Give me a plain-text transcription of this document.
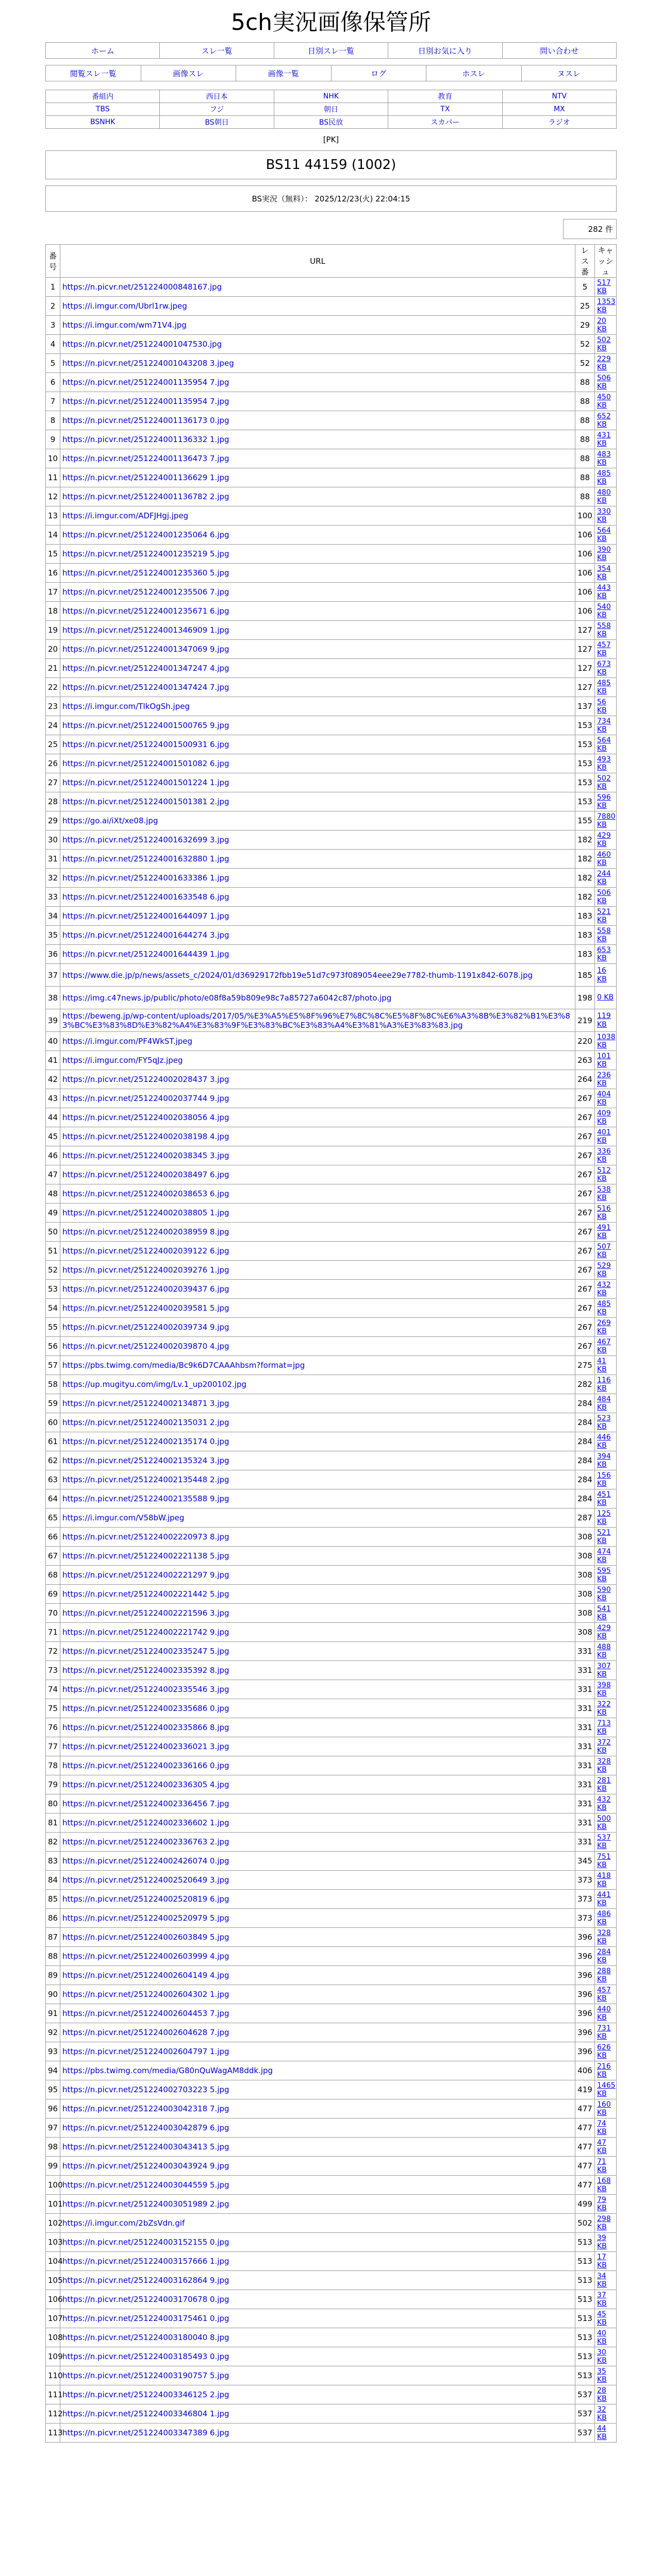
5ch実況画像保管所
ホーム	スレ一覧	日別スレ一覧	日別お気に入り	問い合わせ
閲覧スレ一覧	画像スレ	画像一覧	ログ	ホスレ	ヌスレ
番組内	西日本	NHK	教育	NTV
TBS	フジ	朝日	TX	MX
BSNHK	BS朝日	BS民放	スカパー	ラジオ
[PK]
BS11 44159 (1002)
BS実況（無料）： 2025/12/23(火) 22:04:15
282 件
番号	URL	レス番	キャッシュ
1	https://n.picvr.net/251224000848167.jpg	5	517 KB
2	https://i.imgur.com/Ubrl1rw.jpeg	25	1353 KB
3	https://i.imgur.com/wm71V4.jpg	29	20 KB
4	https://n.picvr.net/251224001047530.jpg	52	502 KB
5	https://n.picvr.net/251224001043208 3.jpeg	52	229 KB
6	https://n.picvr.net/251224001135954 7.jpg	88	506 KB
7	https://n.picvr.net/251224001135954 7.jpg	88	450 KB
8	https://n.picvr.net/251224001136173 0.jpg	88	652 KB
9	https://n.picvr.net/251224001136332 1.jpg	88	431 KB
10	https://n.picvr.net/251224001136473 7.jpg	88	483 KB
11	https://n.picvr.net/251224001136629 1.jpg	88	485 KB
12	https://n.picvr.net/251224001136782 2.jpg	88	480 KB
13	https://i.imgur.com/ADFJHgj.jpeg	100	330 KB
14	https://n.picvr.net/251224001235064 6.jpg	106	564 KB
15	https://n.picvr.net/251224001235219 5.jpg	106	390 KB
16	https://n.picvr.net/251224001235360 5.jpg	106	354 KB
17	https://n.picvr.net/251224001235506 7.jpg	106	443 KB
18	https://n.picvr.net/251224001235671 6.jpg	106	540 KB
19	https://n.picvr.net/251224001346909 1.jpg	127	558 KB
20	https://n.picvr.net/251224001347069 9.jpg	127	457 KB
21	https://n.picvr.net/251224001347247 4.jpg	127	673 KB
22	https://n.picvr.net/251224001347424 7.jpg	127	485 KB
23	https://i.imgur.com/TIkOgSh.jpeg	137	56 KB
24	https://n.picvr.net/251224001500765 9.jpg	153	734 KB
25	https://n.picvr.net/251224001500931 6.jpg	153	564 KB
26	https://n.picvr.net/251224001501082 6.jpg	153	493 KB
27	https://n.picvr.net/251224001501224 1.jpg	153	502 KB
28	https://n.picvr.net/251224001501381 2.jpg	153	596 KB
29	https://go.ai/iXt/xe08.jpg	155	7880 KB
30	https://n.picvr.net/251224001632699 3.jpg	182	429 KB
31	https://n.picvr.net/251224001632880 1.jpg	182	460 KB
32	https://n.picvr.net/251224001633386 1.jpg	182	244 KB
33	https://n.picvr.net/251224001633548 6.jpg	182	506 KB
34	https://n.picvr.net/251224001644097 1.jpg	183	521 KB
35	https://n.picvr.net/251224001644274 3.jpg	183	558 KB
36	https://n.picvr.net/251224001644439 1.jpg	183	653 KB
37	https://www.die.jp/p/news/assets_c/2024/01/d36929172fbb19e51d7c973f089054eee29e7782-thumb-1191x842-6078.jpg	185	16 KB
38	https://img.c47news.jp/public/photo/e08f8a59b809e98c7a85727a6042c87/photo.jpg	198	0 KB
39	https://beweng.jp/wp-content/uploads/2017/05/%E3%A5%E5%8F%96%E7%8C%8C%E5%8F%8C%E6%A3%8B%E3%82%B1%E3%83%BC%E3%83%8D%E3%82%A4%E3%83%9F%E3%83%BC%E3%83%A4%E3%81%A3%E3%83%83.jpg	219	119 KB
40	https://i.imgur.com/PF4WkST.jpeg	220	1038 KB
41	https://i.imgur.com/FY5qJz.jpeg	263	101 KB
42	https://n.picvr.net/251224002028437 3.jpg	264	236 KB
43	https://n.picvr.net/251224002037744 9.jpg	267	404 KB
44	https://n.picvr.net/251224002038056 4.jpg	267	409 KB
45	https://n.picvr.net/251224002038198 4.jpg	267	401 KB
46	https://n.picvr.net/251224002038345 3.jpg	267	336 KB
47	https://n.picvr.net/251224002038497 6.jpg	267	512 KB
48	https://n.picvr.net/251224002038653 6.jpg	267	538 KB
49	https://n.picvr.net/251224002038805 1.jpg	267	516 KB
50	https://n.picvr.net/251224002038959 8.jpg	267	491 KB
51	https://n.picvr.net/251224002039122 6.jpg	267	507 KB
52	https://n.picvr.net/251224002039276 1.jpg	267	529 KB
53	https://n.picvr.net/251224002039437 6.jpg	267	432 KB
54	https://n.picvr.net/251224002039581 5.jpg	267	485 KB
55	https://n.picvr.net/251224002039734 9.jpg	267	269 KB
56	https://n.picvr.net/251224002039870 4.jpg	267	467 KB
57	https://pbs.twimg.com/media/Bc9k6D7CAAAhbsm?format=jpg	275	41 KB
58	https://up.mugityu.com/img/Lv.1_up200102.jpg	282	116 KB
59	https://n.picvr.net/251224002134871 3.jpg	284	484 KB
60	https://n.picvr.net/251224002135031 2.jpg	284	523 KB
61	https://n.picvr.net/251224002135174 0.jpg	284	446 KB
62	https://n.picvr.net/251224002135324 3.jpg	284	394 KB
63	https://n.picvr.net/251224002135448 2.jpg	284	156 KB
64	https://n.picvr.net/251224002135588 9.jpg	284	451 KB
65	https://i.imgur.com/V58bW.jpeg	287	125 KB
66	https://n.picvr.net/251224002220973 8.jpg	308	521 KB
67	https://n.picvr.net/251224002221138 5.jpg	308	474 KB
68	https://n.picvr.net/251224002221297 9.jpg	308	595 KB
69	https://n.picvr.net/251224002221442 5.jpg	308	590 KB
70	https://n.picvr.net/251224002221596 3.jpg	308	541 KB
71	https://n.picvr.net/251224002221742 9.jpg	308	429 KB
72	https://n.picvr.net/251224002335247 5.jpg	331	488 KB
73	https://n.picvr.net/251224002335392 8.jpg	331	307 KB
74	https://n.picvr.net/251224002335546 3.jpg	331	398 KB
75	https://n.picvr.net/251224002335686 0.jpg	331	322 KB
76	https://n.picvr.net/251224002335866 8.jpg	331	713 KB
77	https://n.picvr.net/251224002336021 3.jpg	331	372 KB
78	https://n.picvr.net/251224002336166 0.jpg	331	328 KB
79	https://n.picvr.net/251224002336305 4.jpg	331	281 KB
80	https://n.picvr.net/251224002336456 7.jpg	331	432 KB
81	https://n.picvr.net/251224002336602 1.jpg	331	500 KB
82	https://n.picvr.net/251224002336763 2.jpg	331	537 KB
83	https://n.picvr.net/251224002426074 0.jpg	345	751 KB
84	https://n.picvr.net/251224002520649 3.jpg	373	418 KB
85	https://n.picvr.net/251224002520819 6.jpg	373	441 KB
86	https://n.picvr.net/251224002520979 5.jpg	373	486 KB
87	https://n.picvr.net/251224002603849 5.jpg	396	328 KB
88	https://n.picvr.net/251224002603999 4.jpg	396	284 KB
89	https://n.picvr.net/251224002604149 4.jpg	396	288 KB
90	https://n.picvr.net/251224002604302 1.jpg	396	457 KB
91	https://n.picvr.net/251224002604453 7.jpg	396	440 KB
92	https://n.picvr.net/251224002604628 7.jpg	396	731 KB
93	https://n.picvr.net/251224002604797 1.jpg	396	626 KB
94	https://pbs.twimg.com/media/G80nQuWagAM8ddk.jpg	406	216 KB
95	https://n.picvr.net/251224002703223 5.jpg	419	1465 KB
96	https://n.picvr.net/251224003042318 7.jpg	477	160 KB
97	https://n.picvr.net/251224003042879 6.jpg	477	74 KB
98	https://n.picvr.net/251224003043413 5.jpg	477	47 KB
99	https://n.picvr.net/251224003043924 9.jpg	477	71 KB
100	https://n.picvr.net/251224003044559 5.jpg	477	168 KB
101	https://n.picvr.net/251224003051989 2.jpg	499	79 KB
102	https://i.imgur.com/2bZsVdn.gif	502	298 KB
103	https://n.picvr.net/251224003152155 0.jpg	513	39 KB
104	https://n.picvr.net/251224003157666 1.jpg	513	17 KB
105	https://n.picvr.net/251224003162864 9.jpg	513	34 KB
106	https://n.picvr.net/251224003170678 0.jpg	513	37 KB
107	https://n.picvr.net/251224003175461 0.jpg	513	45 KB
108	https://n.picvr.net/251224003180040 8.jpg	513	40 KB
109	https://n.picvr.net/251224003185493 0.jpg	513	30 KB
110	https://n.picvr.net/251224003190757 5.jpg	513	35 KB
111	https://n.picvr.net/251224003346125 2.jpg	537	28 KB
112	https://n.picvr.net/251224003346804 1.jpg	537	32 KB
113	https://n.picvr.net/251224003347389 6.jpg	537	44 KB
